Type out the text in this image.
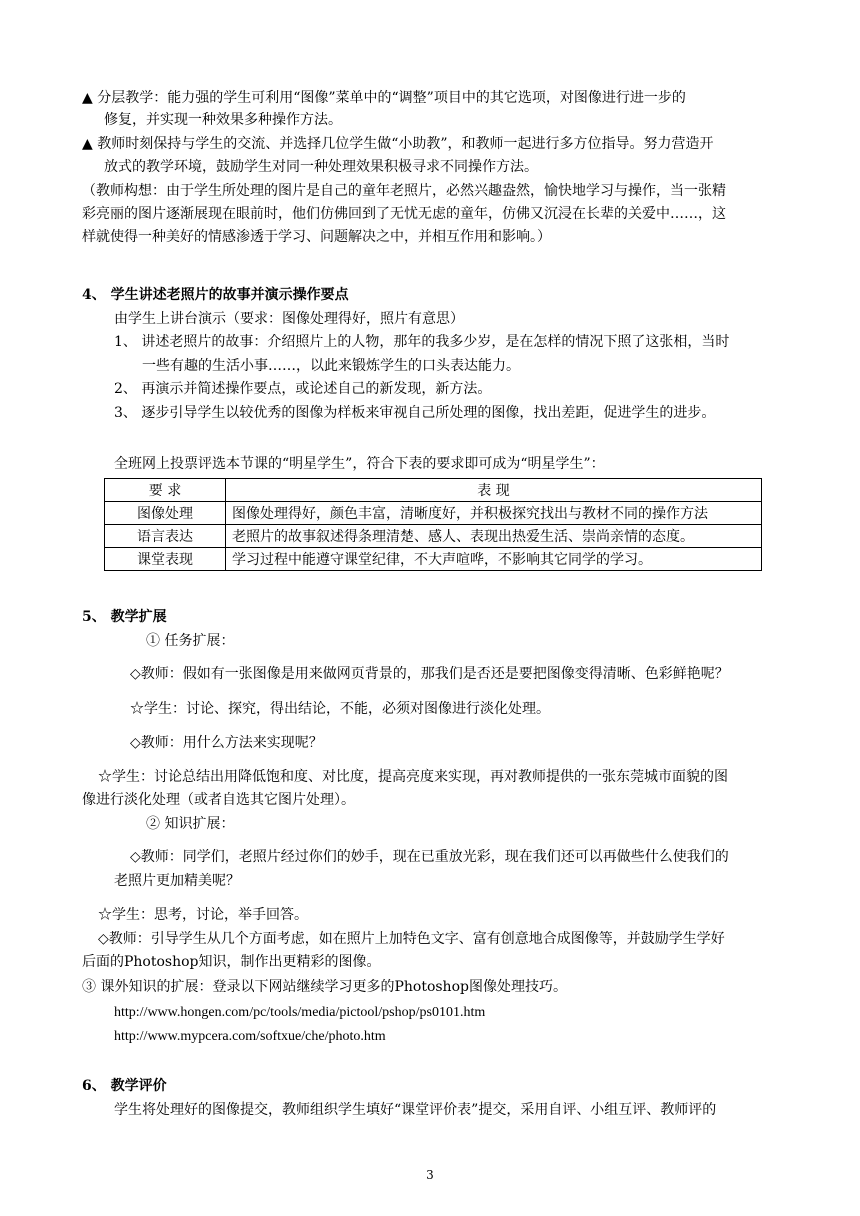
▲ 分层教学：能力强的学生可利用“图像”菜单中的“调整”项目中的其它选项，对图像进行进一步的
修复，并实现一种效果多种操作方法。
▲ 教师时刻保持与学生的交流、并选择几位学生做“小助教”，和教师一起进行多方位指导。努力营造开
放式的教学环境，鼓励学生对同一种处理效果积极寻求不同操作方法。
（教师构想：由于学生所处理的图片是自己的童年老照片，必然兴趣盎然，愉快地学习与操作，当一张精
彩亮丽的图片逐渐展现在眼前时，他们仿佛回到了无忧无虑的童年，仿佛又沉浸在长辈的关爱中……，这
样就使得一种美好的情感渗透于学习、问题解决之中，并相互作用和影响。）
4、 学生讲述老照片的故事并演示操作要点
由学生上讲台演示（要求：图像处理得好，照片有意思）
1、 讲述老照片的故事：介绍照片上的人物，那年的我多少岁，是在怎样的情况下照了这张相，当时
一些有趣的生活小事……，以此来锻炼学生的口头表达能力。
2、 再演示并简述操作要点，或论述自己的新发现，新方法。
3、 逐步引导学生以较优秀的图像为样板来审视自己所处理的图像，找出差距，促进学生的进步。
全班网上投票评选本节课的“明星学生”，符合下表的要求即可成为“明星学生”：
要 求	表 现
图像处理	图像处理得好，颜色丰富，清晰度好，并积极探究找出与教材不同的操作方法
语言表达	老照片的故事叙述得条理清楚、感人、表现出热爱生活、崇尚亲情的态度。
课堂表现	学习过程中能遵守课堂纪律，不大声喧哗，不影响其它同学的学习。
5、 教学扩展
① 任务扩展：
◇教师：假如有一张图像是用来做网页背景的，那我们是否还是要把图像变得清晰、色彩鲜艳呢？
☆学生：讨论、探究，得出结论，不能，必须对图像进行淡化处理。
◇教师：用什么方法来实现呢？
☆学生：讨论总结出用降低饱和度、对比度，提高亮度来实现，再对教师提供的一张东莞城市面貌的图
像进行淡化处理（或者自选其它图片处理）。
② 知识扩展：
◇教师：同学们，老照片经过你们的妙手，现在已重放光彩，现在我们还可以再做些什么使我们的
老照片更加精美呢？
☆学生：思考，讨论，举手回答。
◇教师：引导学生从几个方面考虑，如在照片上加特色文字、富有创意地合成图像等，并鼓励学生学好
后面的Photoshop知识，制作出更精彩的图像。
③ 课外知识的扩展：登录以下网站继续学习更多的Photoshop图像处理技巧。
http://www.hongen.com/pc/tools/media/pictool/pshop/ps0101.htm
http://www.mypcera.com/softxue/che/photo.htm
6、 教学评价
学生将处理好的图像提交，教师组织学生填好“课堂评价表”提交，采用自评、小组互评、教师评的
3
